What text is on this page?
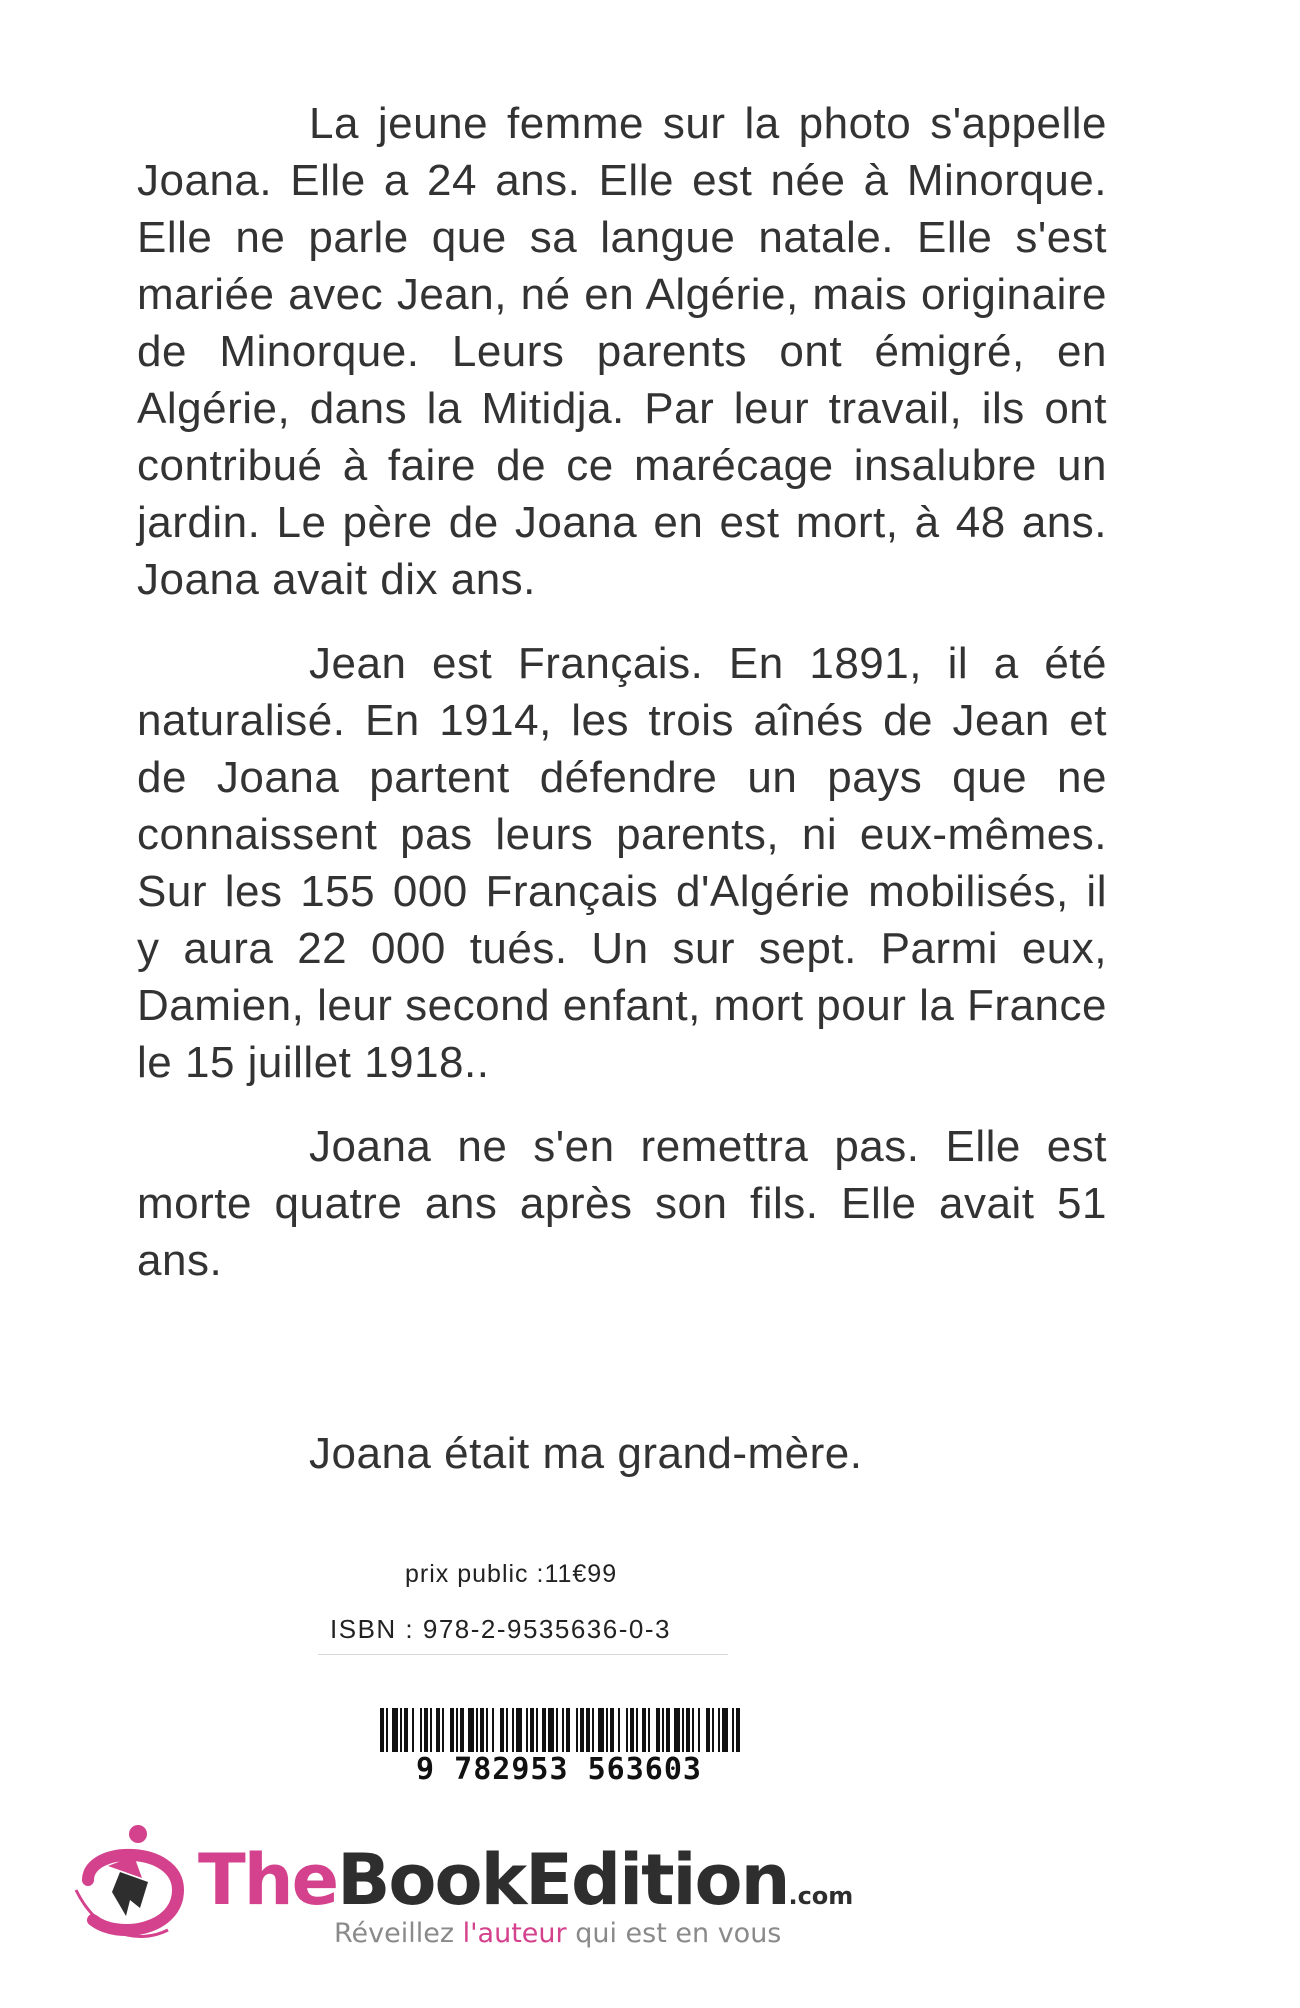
La jeune femme sur la photo s'appelle Joana. Elle a 24 ans. Elle est née à Minorque. Elle ne parle que sa langue natale. Elle s'est mariée avec Jean, né en Algérie, mais originaire de Minorque. Leurs parents ont émigré, en Algérie, dans la Mitidja. Par leur travail, ils ont contribué à faire de ce marécage insalubre un jardin. Le père de Joana en est mort, à 48 ans. Joana avait dix ans.

Jean est Français. En 1891, il a été naturalisé. En 1914, les trois aînés de Jean et de Joana partent défendre un pays que ne connaissent pas leurs parents, ni eux-mêmes. Sur les 155 000 Français d'Algérie mobilisés, il y aura 22 000 tués. Un sur sept. Parmi eux, Damien, leur second enfant, mort pour la France le 15 juillet 1918..

Joana ne s'en remettra pas. Elle est morte quatre ans après son fils. Elle avait 51 ans.

Joana était ma grand-mère.
prix public :11€99
ISBN : 978-2-9535636-0-3
9 782953 563603
TheBookEdition.com
Réveillez l'auteur qui est en vous
